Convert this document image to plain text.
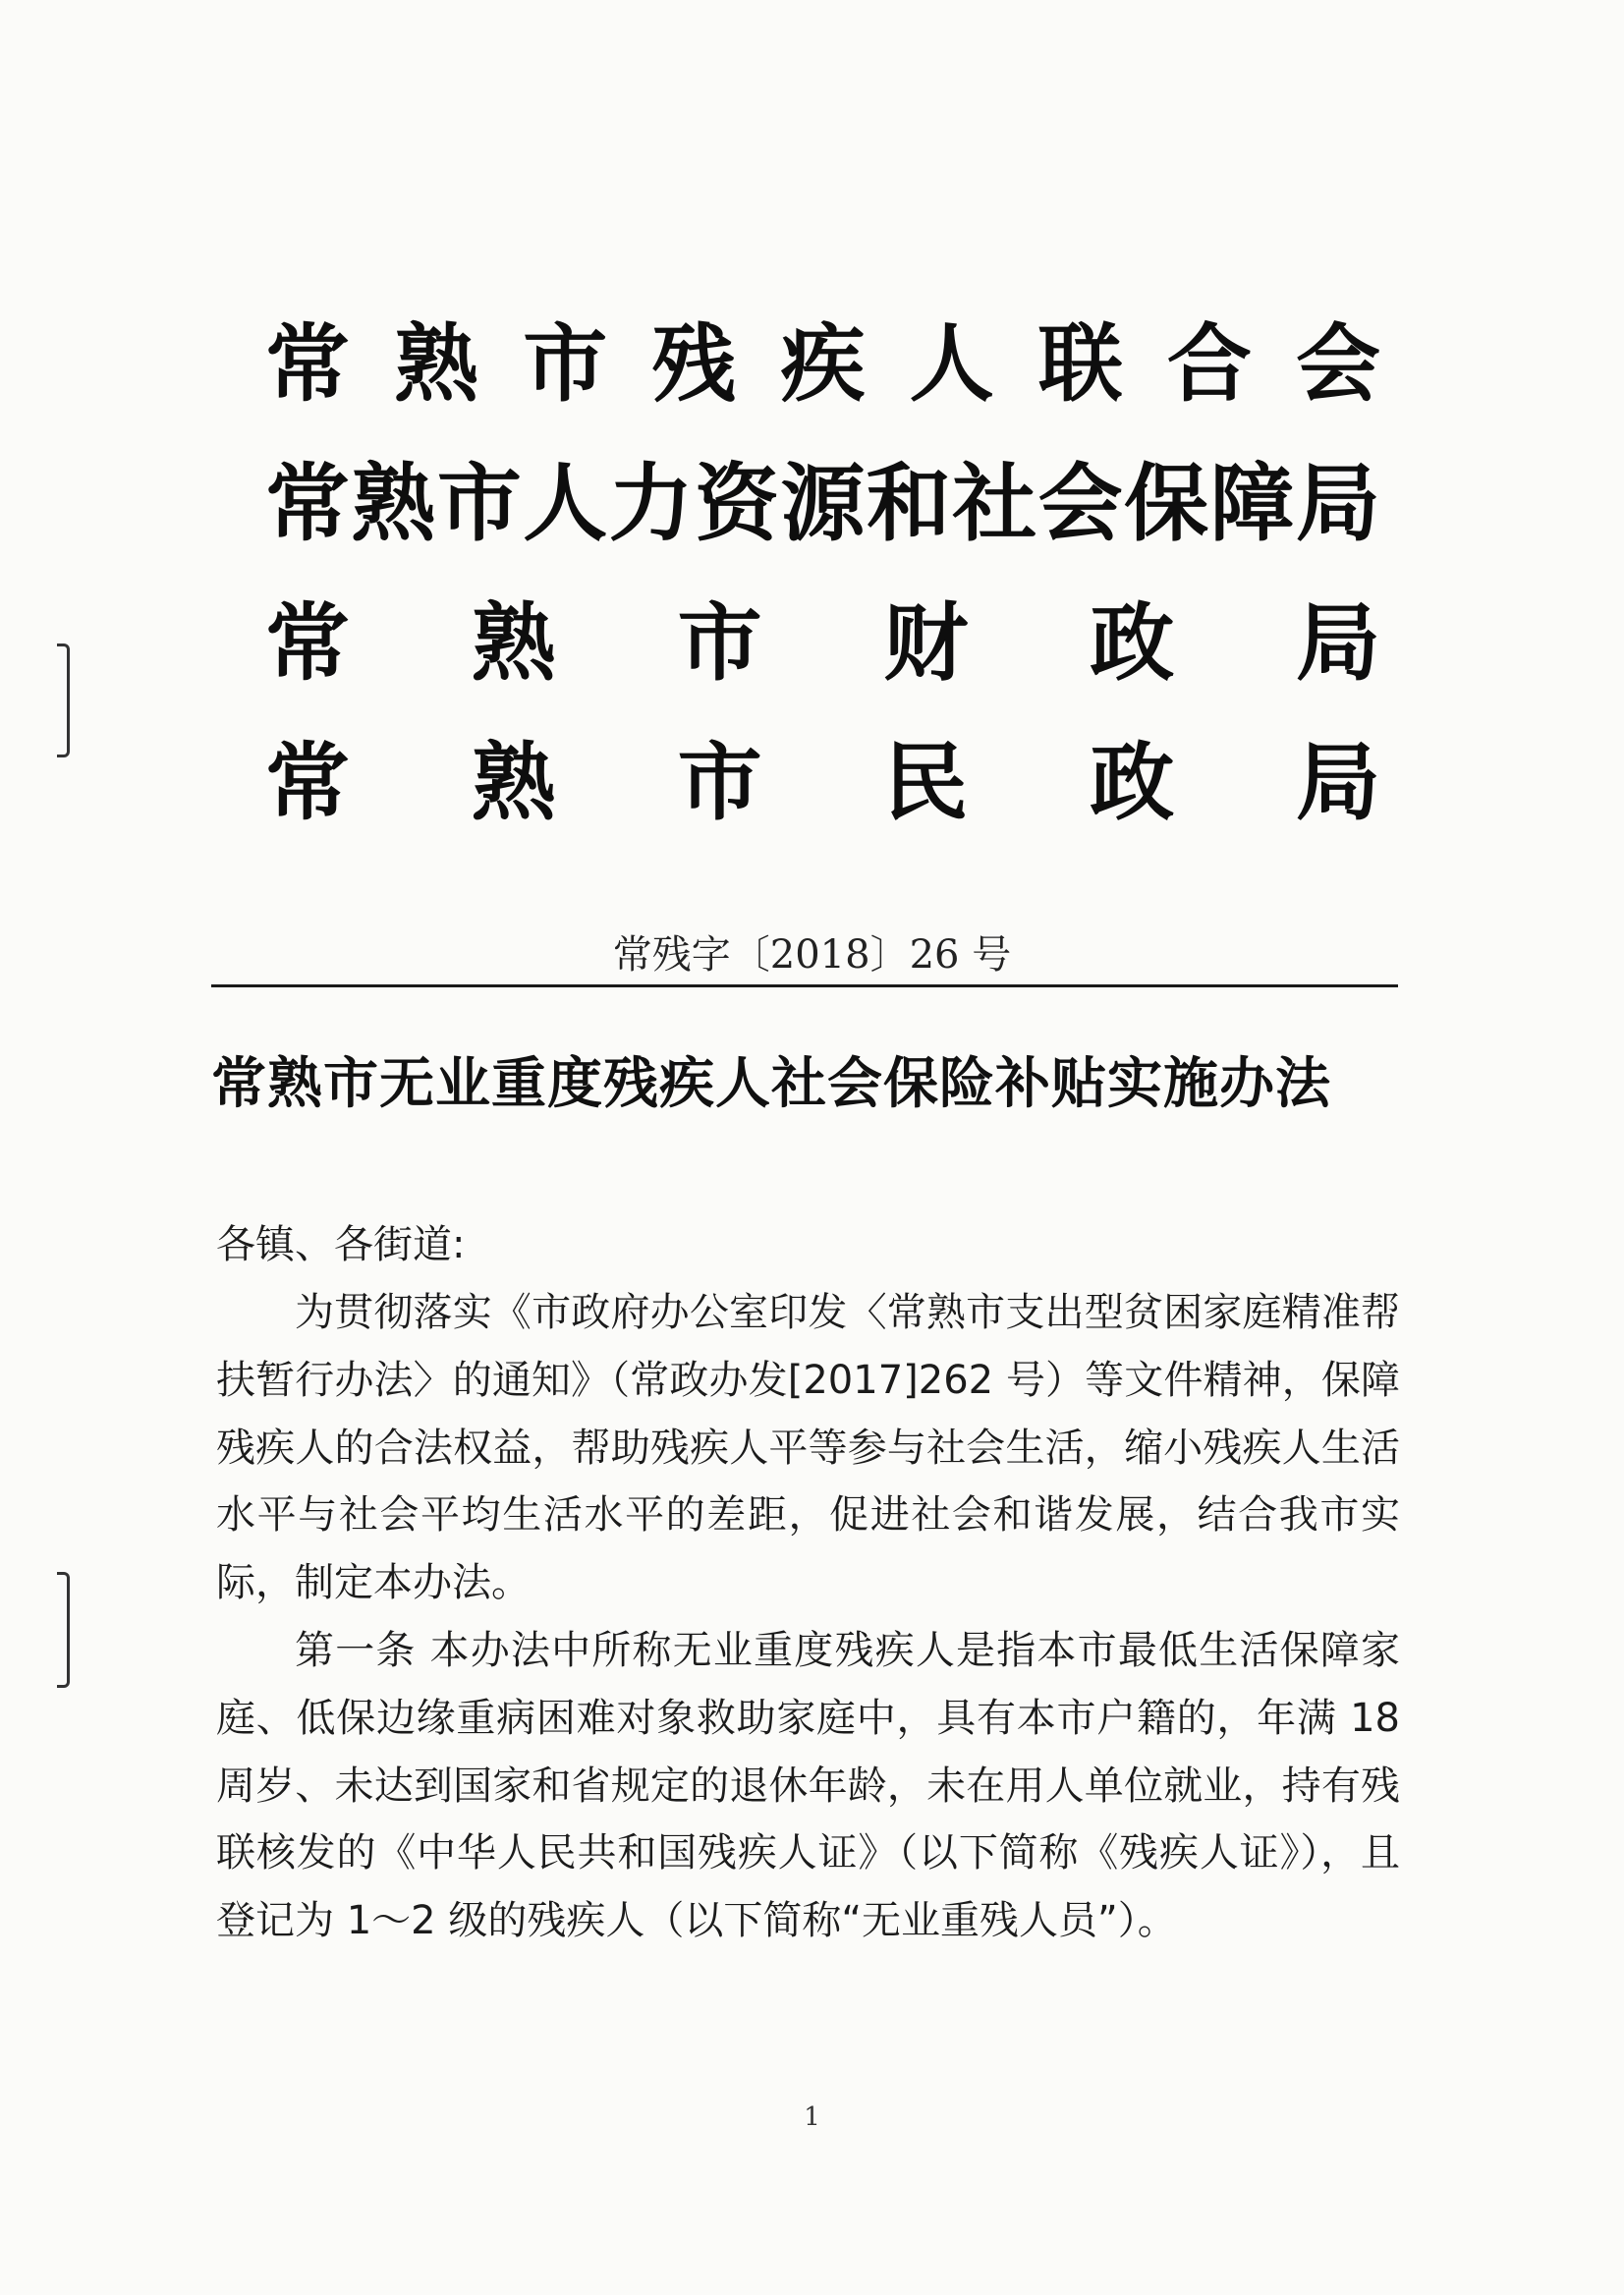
常 熟 市 残 疾 人 联 合 会
常 熟 市 人 力 资 源 和 社 会 保 障 局
常 熟 市 财 政 局
常 熟 市 民 政 局
常残字〔2018〕26 号
常熟市无业重度残疾人社会保险补贴实施办法
各镇、各街道:

为贯彻落实《市政府办公室印发〈常熟市支出型贫困家庭精准帮扶暂行办法〉的通知》（常政办发[2017]262 号）等文件精神，保障残疾人的合法权益，帮助残疾人平等参与社会生活，缩小残疾人生活水平与社会平均生活水平的差距，促进社会和谐发展，结合我市实际，制定本办法。

第一条 本办法中所称无业重度残疾人是指本市最低生活保障家庭、低保边缘重病困难对象救助家庭中，具有本市户籍的，年满 18 周岁、未达到国家和省规定的退休年龄，未在用人单位就业，持有残联核发的《中华人民共和国残疾人证》（以下简称《残疾人证》），且登记为 1～2 级的残疾人（以下简称“无业重残人员”）。

1
